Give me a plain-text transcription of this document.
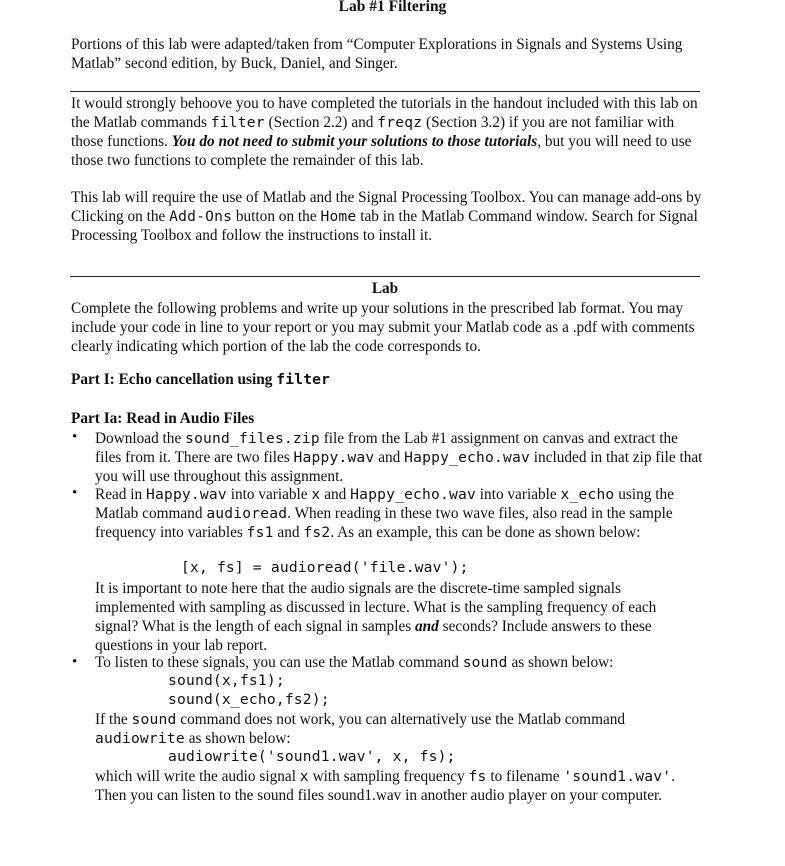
Lab #1 Filtering
Portions of this lab were adapted/taken from “Computer Explorations in Signals and Systems Using Matlab” second edition, by Buck, Daniel, and Singer.
It would strongly behoove you to have completed the tutorials in the handout included with this lab on the Matlab commands filter (Section 2.2) and freqz (Section 3.2) if you are not familiar with those functions. You do not need to submit your solutions to those tutorials, but you will need to use those two functions to complete the remainder of this lab.
This lab will require the use of Matlab and the Signal Processing Toolbox. You can manage add-ons by Clicking on the Add-Ons button on the Home tab in the Matlab Command window. Search for Signal Processing Toolbox and follow the instructions to install it.
Lab
Complete the following problems and write up your solutions in the prescribed lab format. You may include your code in line to your report or you may submit your Matlab code as a .pdf with comments clearly indicating which portion of the lab the code corresponds to.
Part I: Echo cancellation using filter
Part Ia: Read in Audio Files
• Download the sound_files.zip file from the Lab #1 assignment on canvas and extract the files from it. There are two files Happy.wav and Happy_echo.wav included in that zip file that you will use throughout this assignment.
• Read in Happy.wav into variable x and Happy_echo.wav into variable x_echo using the Matlab command audioread. When reading in these two wave files, also read in the sample frequency into variables fs1 and fs2. As an example, this can be done as shown below:
[x, fs] = audioread('file.wav');
It is important to note here that the audio signals are the discrete-time sampled signals implemented with sampling as discussed in lecture. What is the sampling frequency of each signal? What is the length of each signal in samples and seconds? Include answers to these questions in your lab report.
• To listen to these signals, you can use the Matlab command sound as shown below:
sound(x,fs1);
sound(x_echo,fs2);
If the sound command does not work, you can alternatively use the Matlab command audiowrite as shown below:
audiowrite('sound1.wav', x, fs);
which will write the audio signal x with sampling frequency fs to filename 'sound1.wav'. Then you can listen to the sound files sound1.wav in another audio player on your computer.
